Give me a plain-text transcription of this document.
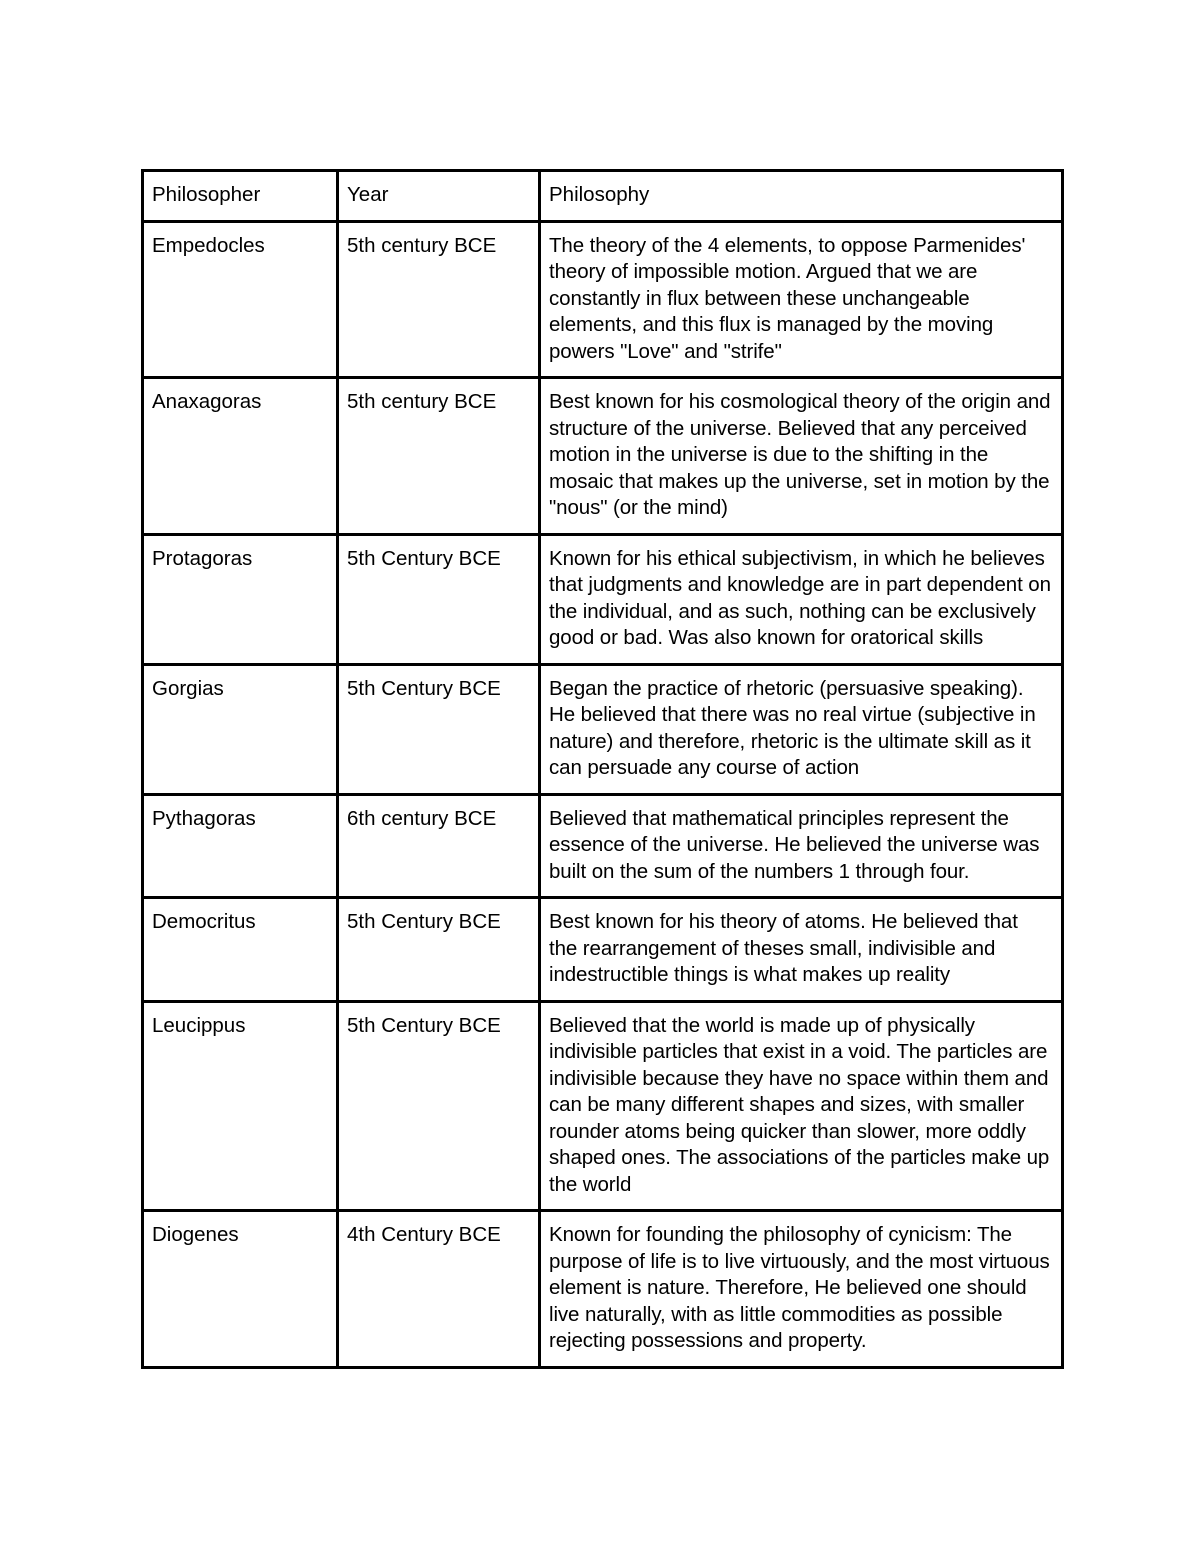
Philosopher	Year	Philosophy
Empedocles	5th century BCE	The theory of the 4 elements, to oppose Parmenides' theory of impossible motion. Argued that we are constantly in flux between these unchangeable elements, and this flux is managed by the moving powers "Love" and "strife"
Anaxagoras	5th century BCE	Best known for his cosmological theory of the origin and structure of the universe. Believed that any perceived motion in the universe is due to the shifting in the mosaic that makes up the universe, set in motion by the "nous" (or the mind)
Protagoras	5th Century BCE	Known for his ethical subjectivism, in which he believes that judgments and knowledge are in part dependent on the individual, and as such, nothing can be exclusively good or bad. Was also known for oratorical skills
Gorgias	5th Century BCE	Began the practice of rhetoric (persuasive speaking). He believed that there was no real virtue (subjective in nature) and therefore, rhetoric is the ultimate skill as it can persuade any course of action
Pythagoras	6th century BCE	Believed that mathematical principles represent the essence of the universe. He believed the universe was built on the sum of the numbers 1 through four.
Democritus	5th Century BCE	Best known for his theory of atoms. He believed that the rearrangement of theses small, indivisible and indestructible things is what makes up reality
Leucippus	5th Century BCE	Believed that the world is made up of physically indivisible particles that exist in a void. The particles are indivisible because they have no space within them and can be many different shapes and sizes, with smaller rounder atoms being quicker than slower, more oddly shaped ones. The associations of the particles make up the world
Diogenes	4th Century BCE	Known for founding the philosophy of cynicism: The purpose of life is to live virtuously, and the most virtuous element is nature. Therefore, He believed one should live naturally, with as little commodities as possible rejecting possessions and property.
